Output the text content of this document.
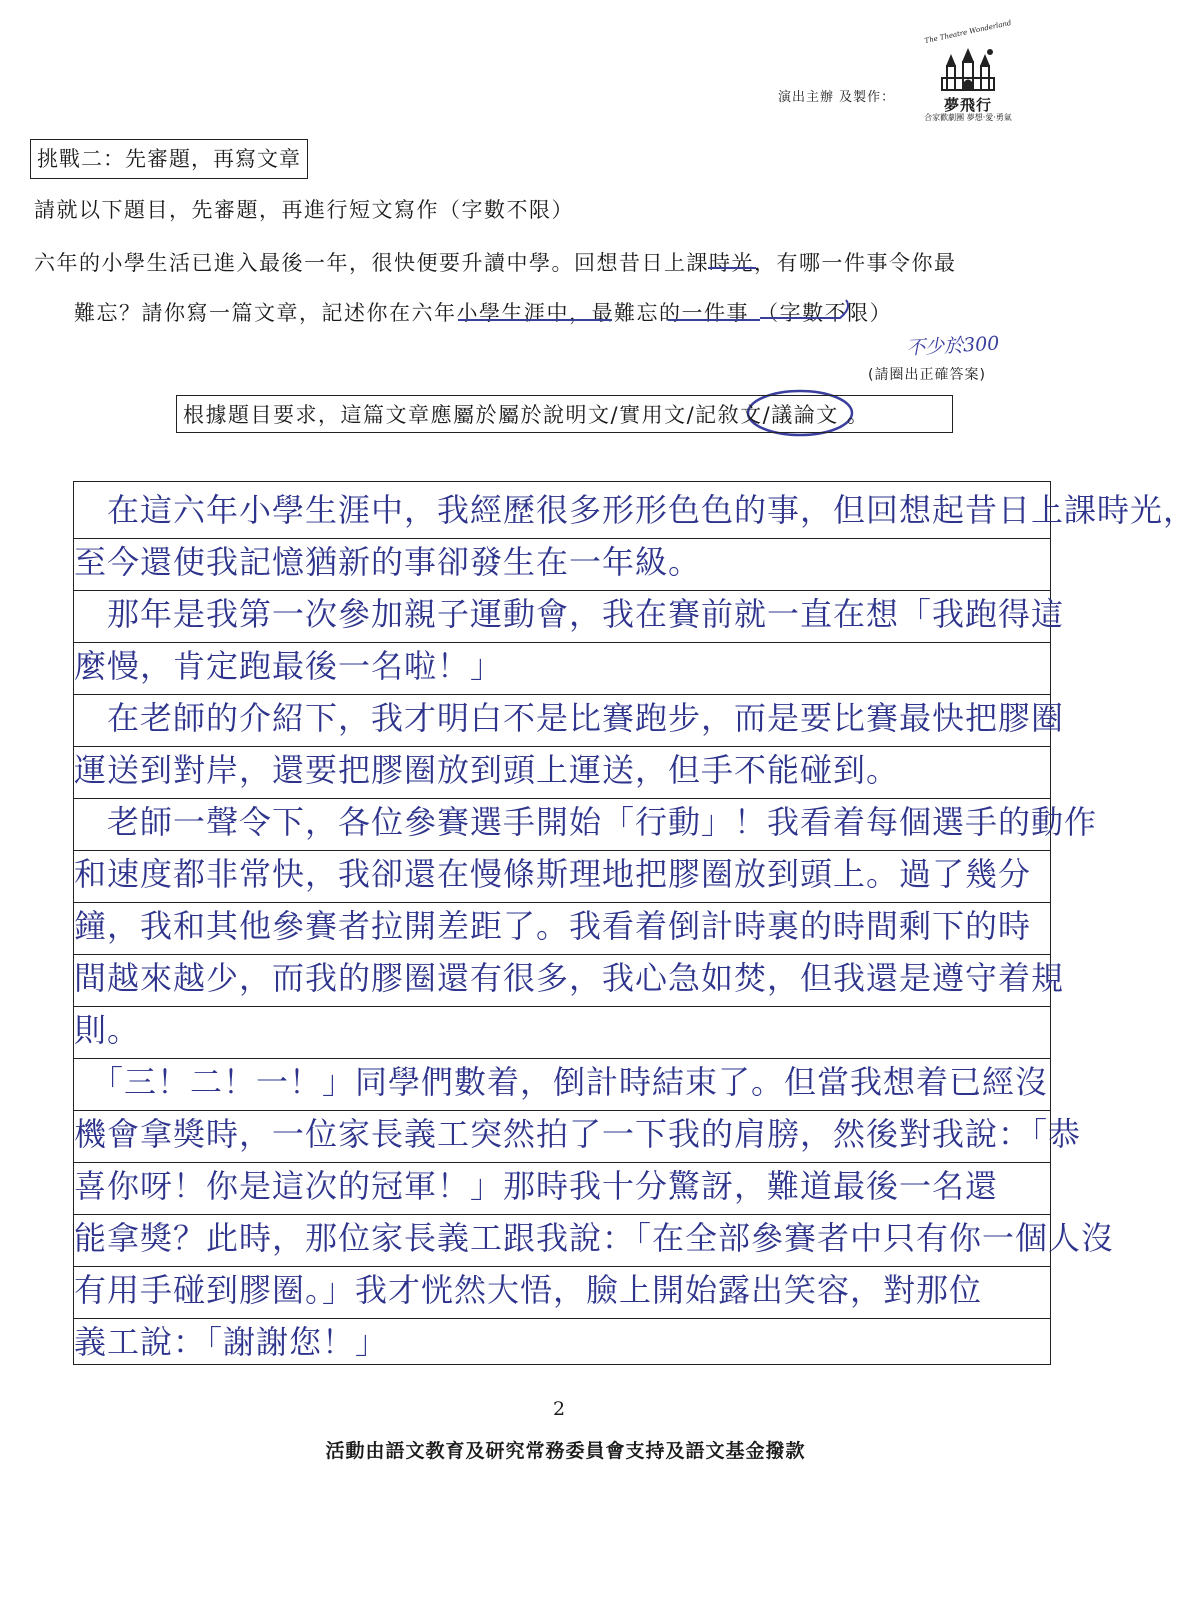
演出主辦 及製作：
The Theatre Wonderland
夢飛行
合家歡劇團 夢想‧愛‧勇氣
挑戰二：先審題，再寫文章
請就以下題目，先審題，再進行短文寫作（字數不限）
六年的小學生活已進入最後一年，很快便要升讀中學。回想昔日上課時光，有哪一件事令你最
難忘？請你寫一篇文章，記述你在六年小學生涯中，最難忘的一件事 （字數不限）
不少於300
(請圈出正確答案)
根據題目要求，這篇文章應屬於屬於說明文/實用文/記敘文/議論文 。
　在這六年小學生涯中，我經歷很多形形色色的事，但回想起昔日上課時光，
至今還使我記憶猶新的事卻發生在一年級。
　那年是我第一次參加親子運動會，我在賽前就一直在想「我跑得這
麼慢，肯定跑最後一名啦！」
　在老師的介紹下，我才明白不是比賽跑步，而是要比賽最快把膠圈
運送到對岸，還要把膠圈放到頭上運送，但手不能碰到。
　老師一聲令下，各位參賽選手開始「行動」！我看着每個選手的動作
和速度都非常快，我卻還在慢條斯理地把膠圈放到頭上。過了幾分
鐘，我和其他參賽者拉開差距了。我看着倒計時裏的時間剩下的時
間越來越少，而我的膠圈還有很多，我心急如焚，但我還是遵守着規
則。
　「三！二！一！」同學們數着，倒計時結束了。但當我想着已經沒
機會拿獎時，一位家長義工突然拍了一下我的肩膀，然後對我說：「恭
喜你呀！你是這次的冠軍！」那時我十分驚訝，難道最後一名還
能拿獎？此時，那位家長義工跟我說：「在全部參賽者中只有你一個人沒
有用手碰到膠圈。」我才恍然大悟，臉上開始露出笑容，對那位
義工說：「謝謝您！」
2
活動由語文教育及研究常務委員會支持及語文基金撥款
